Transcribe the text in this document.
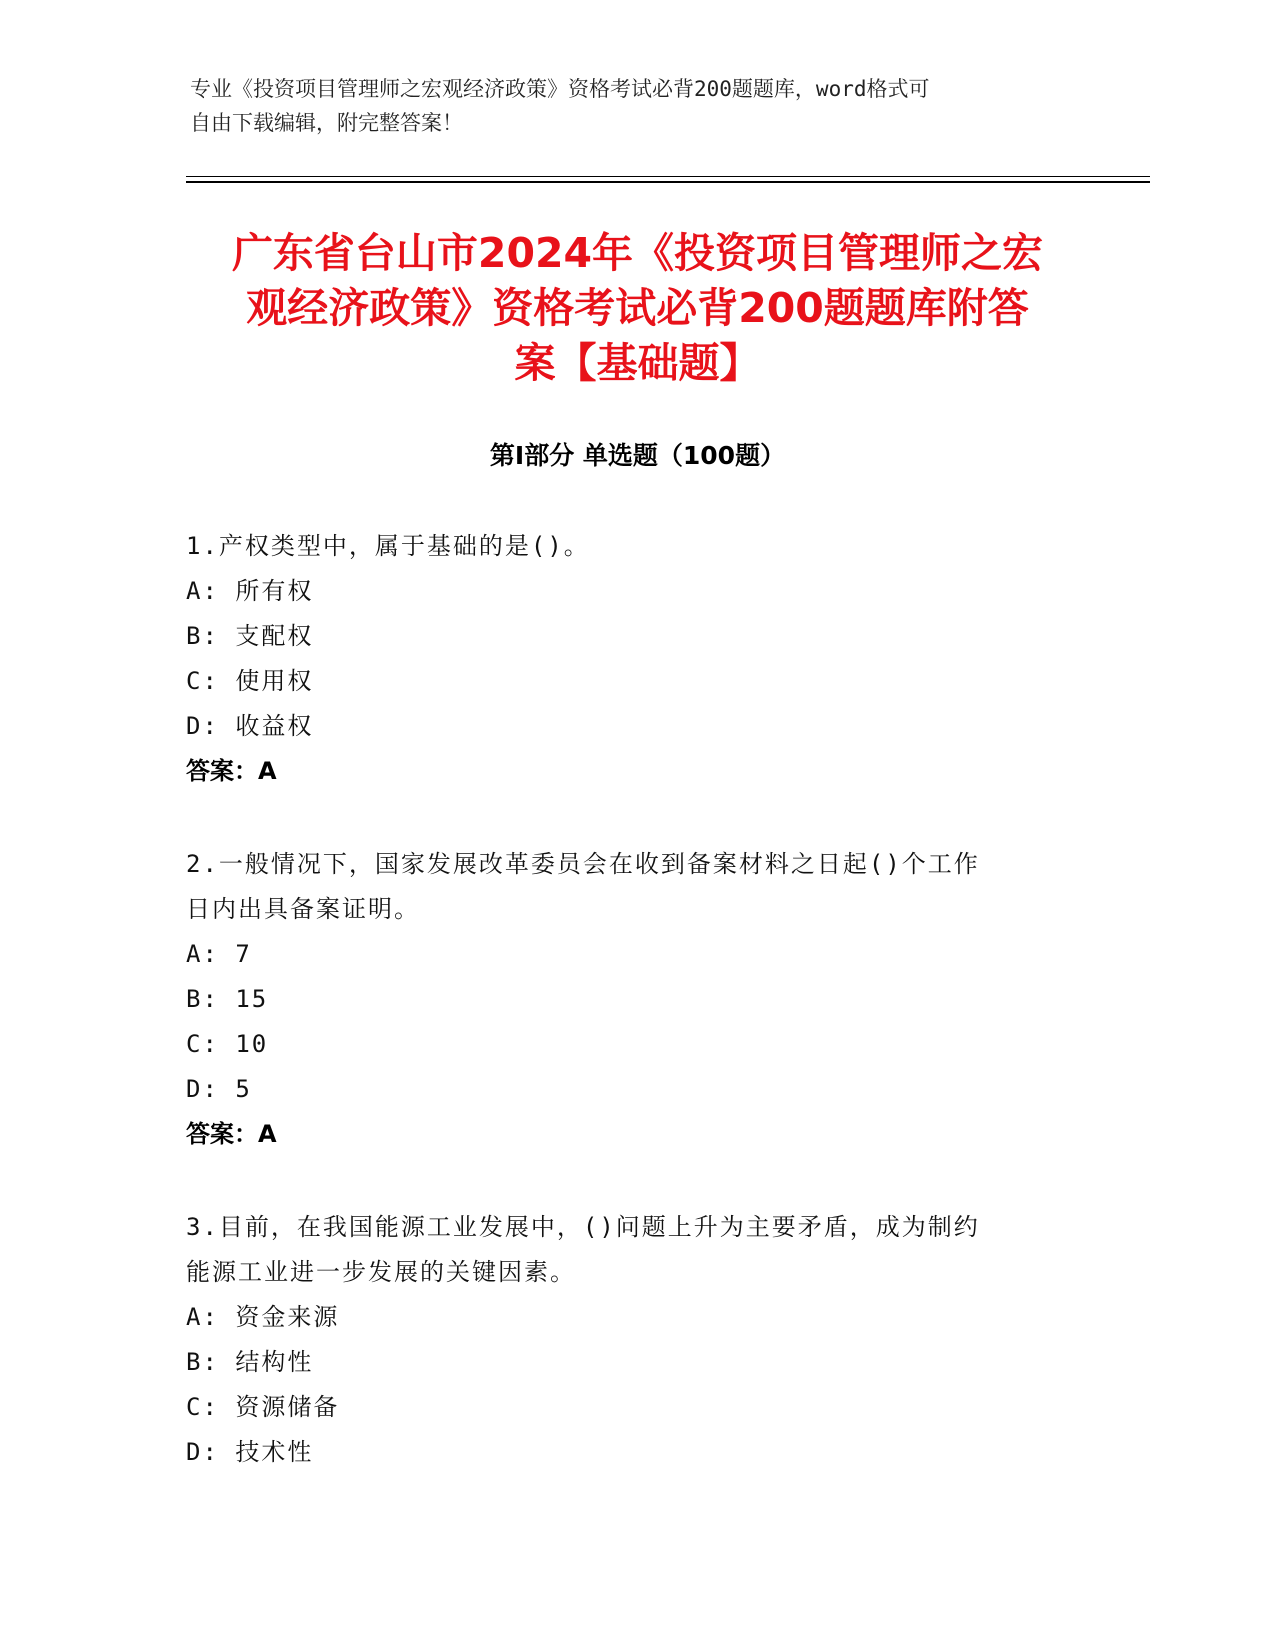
专业《投资项目管理师之宏观经济政策》资格考试必背200题题库，word格式可
自由下载编辑，附完整答案！
广东省台山市2024年《投资项目管理师之宏
观经济政策》资格考试必背200题题库附答
案【基础题】
第Ⅰ部分 单选题（100题）
1.产权类型中，属于基础的是()。
A: 所有权
B: 支配权
C: 使用权
D: 收益权
答案：A
2.一般情况下，国家发展改革委员会在收到备案材料之日起()个工作
日内出具备案证明。
A: 7
B: 15
C: 10
D: 5
答案：A
3.目前，在我国能源工业发展中，()问题上升为主要矛盾，成为制约
能源工业进一步发展的关键因素。
A: 资金来源
B: 结构性
C: 资源储备
D: 技术性
